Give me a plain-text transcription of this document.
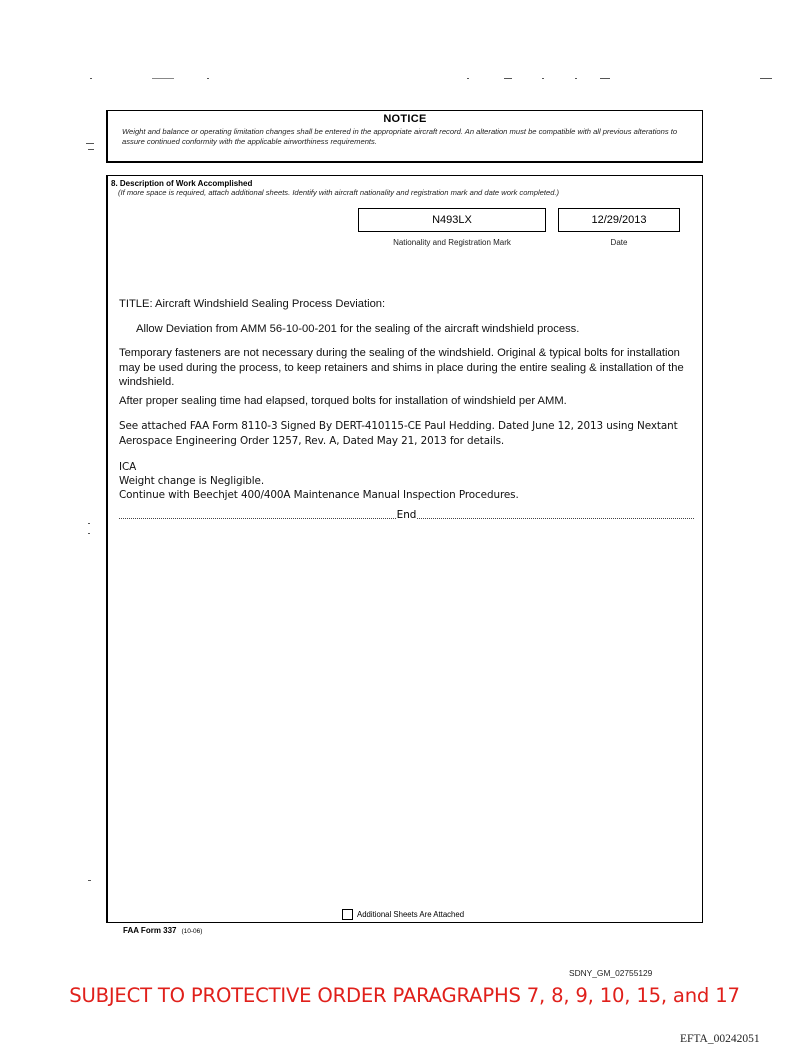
NOTICE
Weight and balance or operating limitation changes shall be entered in the appropriate aircraft record. An alteration must be compatible with all previous alterations to assure continued conformity with the applicable airworthiness requirements.
8. Description of Work Accomplished
(If more space is required, attach additional sheets. Identify with aircraft nationality and registration mark and date work completed.)
N493LX	12/29/2013
Nationality and Registration Mark	Date
TITLE: Aircraft Windshield Sealing Process Deviation:
Allow Deviation from AMM 56-10-00-201 for the sealing of the aircraft windshield process.
Temporary fasteners are not necessary during the sealing of the windshield. Original & typical bolts for installation may be used during the process, to keep retainers and shims in place during the entire sealing & installation of the windshield.
After proper sealing time had elapsed, torqued bolts for installation of windshield per AMM.
See attached FAA Form 8110-3 Signed By DERT-410115-CE Paul Hedding. Dated June 12, 2013 using Nextant Aerospace Engineering Order 1257, Rev. A, Dated May 21, 2013 for details.
ICA
Weight change is Negligible.
Continue with Beechjet 400/400A Maintenance Manual Inspection Procedures.
End
Additional Sheets Are Attached
FAA Form 337 (10-06)
SDNY_GM_02755129
SUBJECT TO PROTECTIVE ORDER PARAGRAPHS 7, 8, 9, 10, 15, and 17
EFTA_00242051
